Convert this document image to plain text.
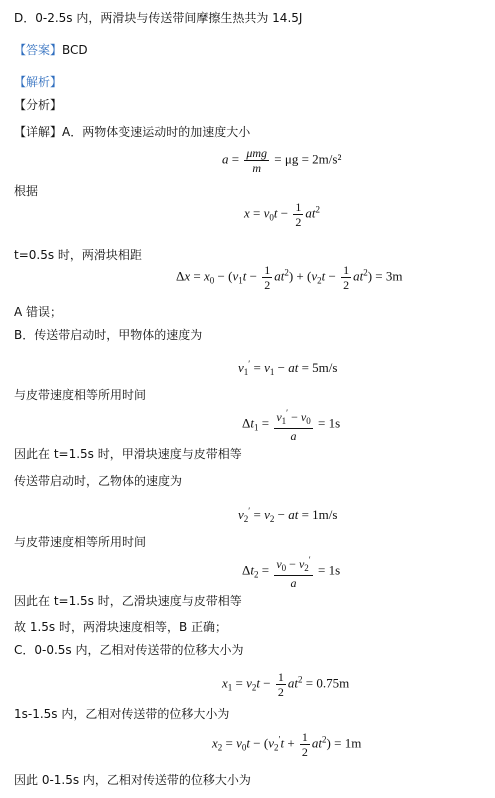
D．0-2.5s 内，两滑块与传送带间摩擦生热共为 14.5J
【答案】BCD
【解析】
【分析】
【详解】A．两物体变速运动时的加速度大小
a = μmg
m
= μg = 2m/s²
根据
$x = v_0t - \frac{1}{2} at^2$
t=0.5s 时，两滑块相距
$\Delta x = x_0 - (v_1t - \frac{1}{2} at^2) + (v_2t - \frac{1}{2} at^2) = 3m$
A 错误；
B．传送带启动时，甲物体的速度为
$v_1' = v_1$ − at = 5m/s
与皮带速度相等所用时间
$\Delta t_1 = \frac{v_1' - v_0}{a} = 1s$
因此在 t=1.5s 时，甲滑块速度与皮带相等
传送带启动时，乙物体的速度为
$v_2' = v_2$ − at = 1m/s
与皮带速度相等所用时间
$\Delta t_2 = \frac{v_0 - v_2'}{a} = 1s$
因此在 t=1.5s 时，乙滑块速度与皮带相等
故 1.5s 时，两滑块速度相等，B 正确；
C．0-0.5s 内，乙相对传送带的位移大小为
$x_1 = v_2t - \frac{1}{2} at^2 = 0.75m$
1s-1.5s 内，乙相对传送带的位移大小为
$x_2 = v_0t - (v_2't + \frac{1}{2} at^2) = 1m$
因此 0-1.5s 内，乙相对传送带的位移大小为
